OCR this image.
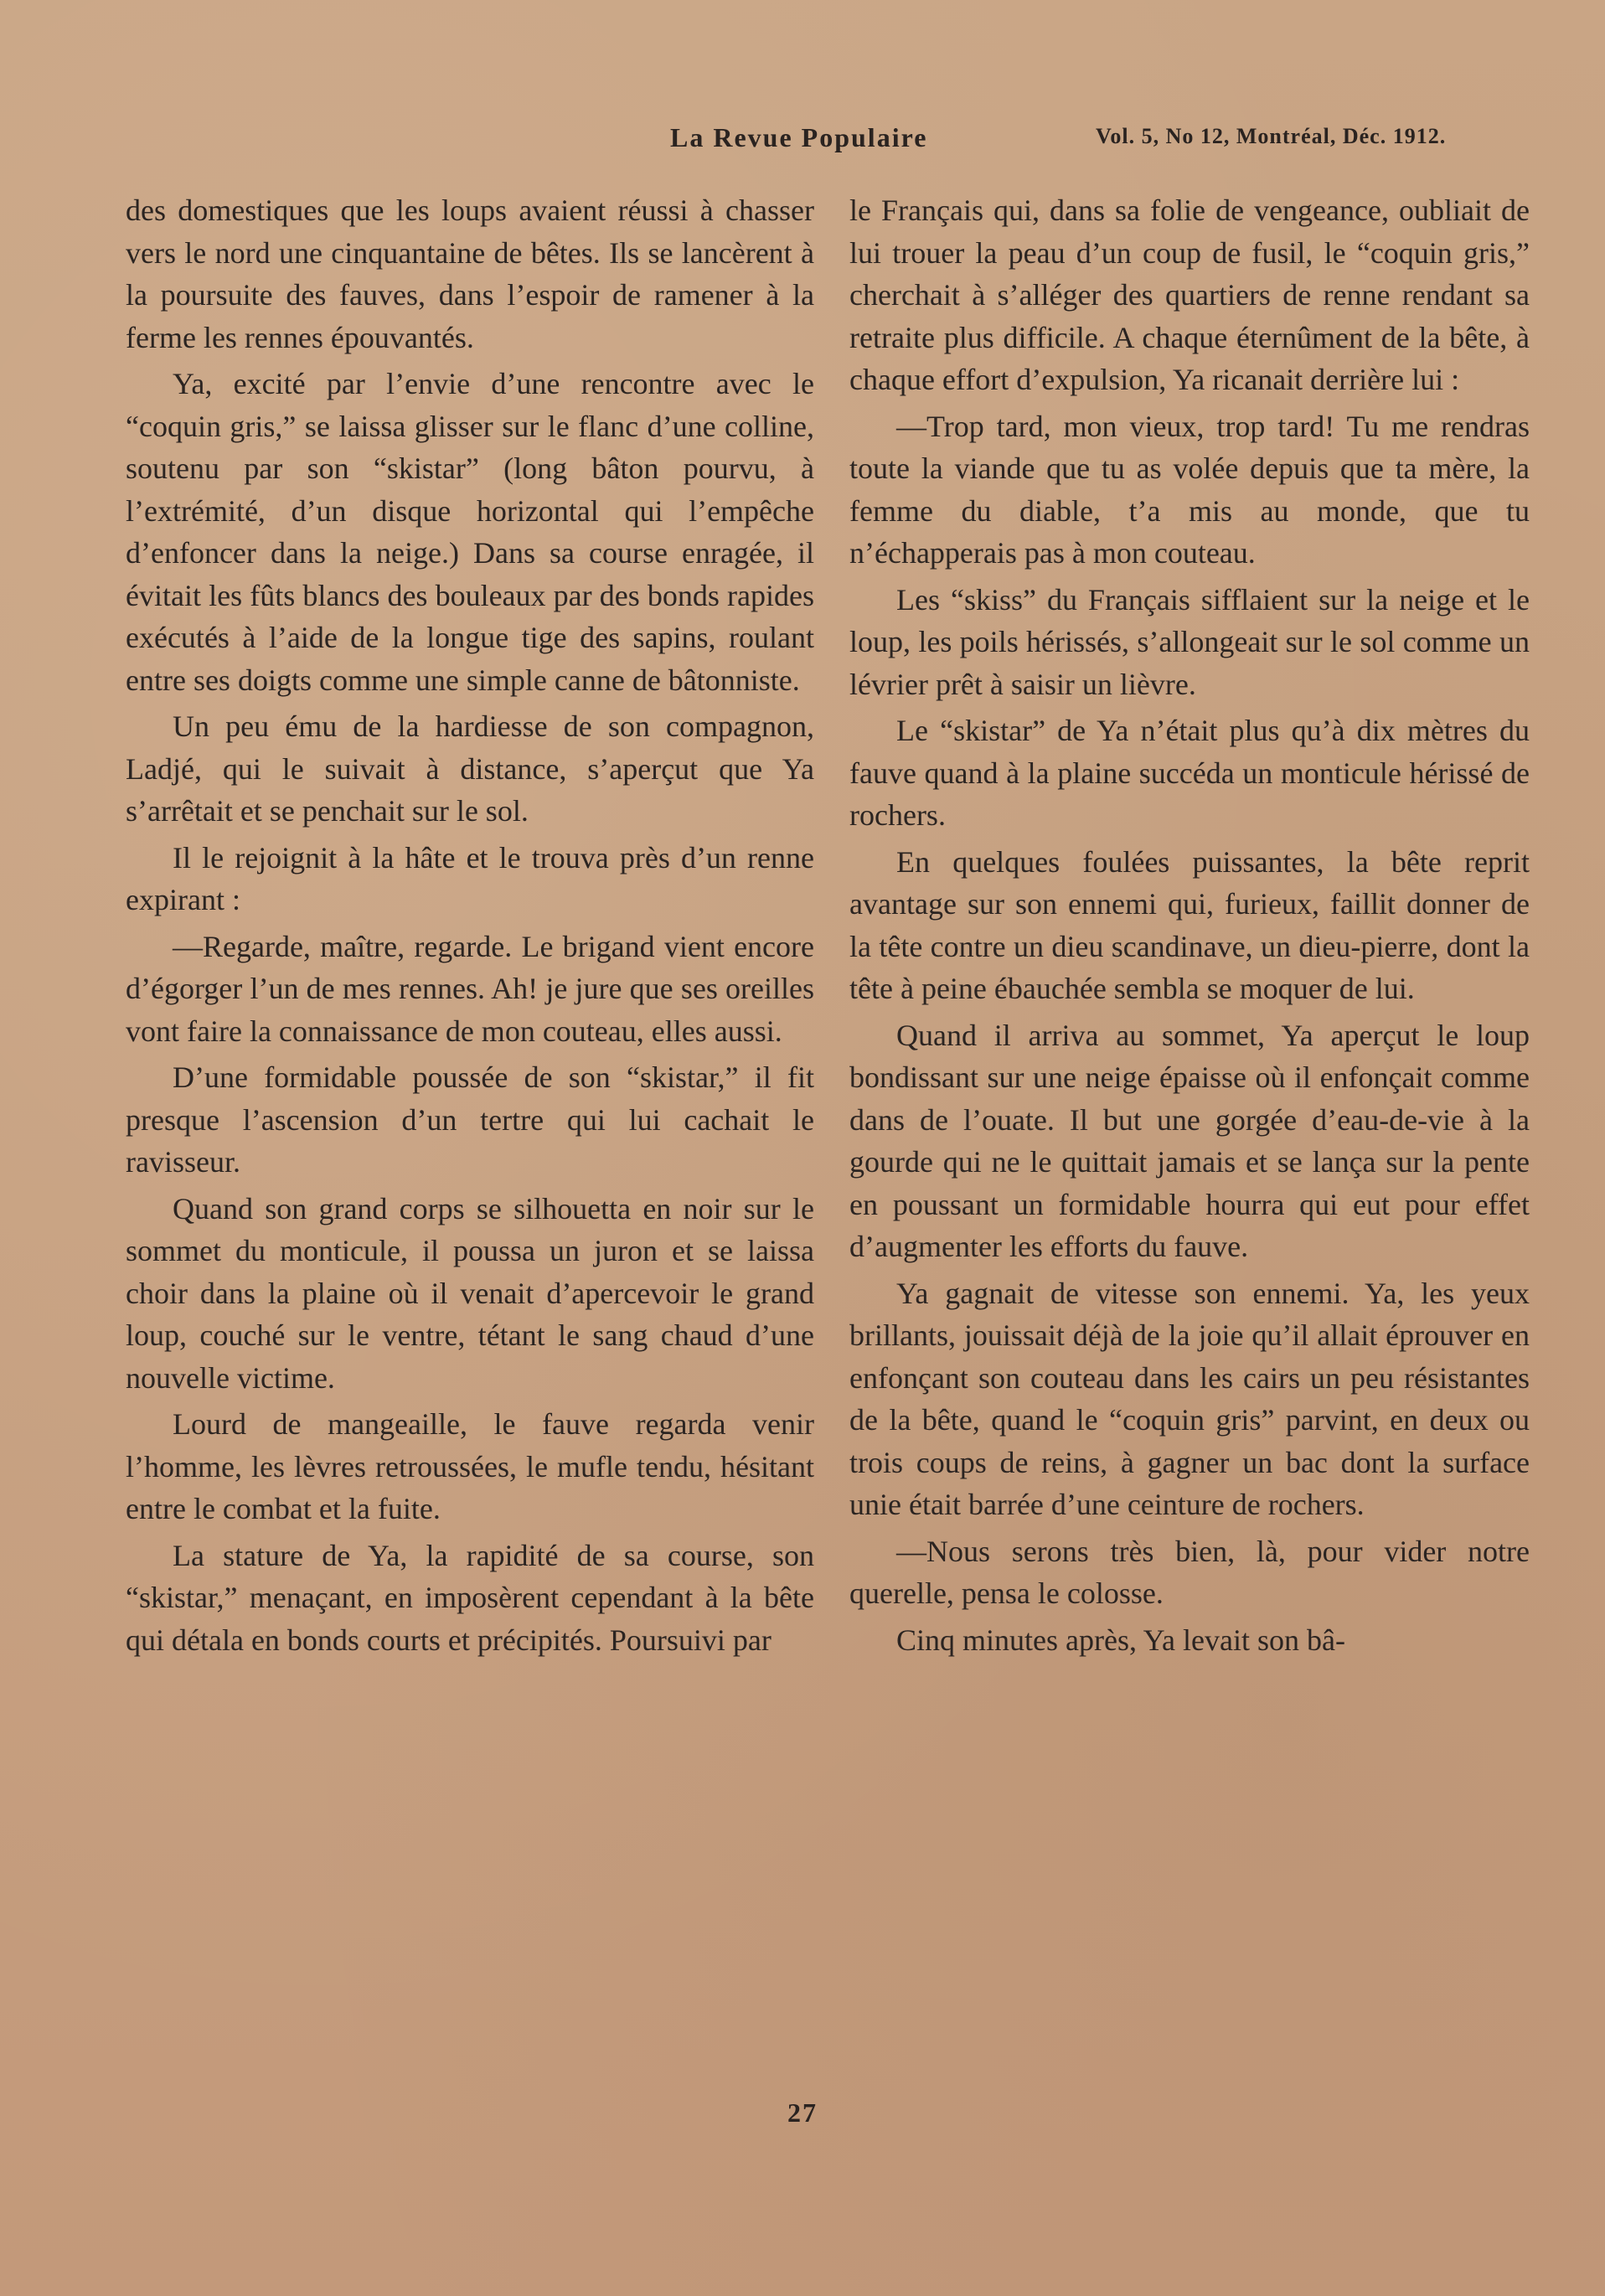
La Revue Populaire	Vol. 5, No 12, Montréal, Déc. 1912.

des domestiques que les loups avaient réussi à chasser vers le nord une cinquantaine de bêtes. Ils se lancèrent à la poursuite des fauves, dans l’espoir de ramener à la ferme les rennes épouvantés.

Ya, excité par l’envie d’une rencontre avec le “coquin gris,” se laissa glisser sur le flanc d’une colline, soutenu par son “skistar” (long bâton pourvu, à l’extrémité, d’un disque horizontal qui l’empêche d’enfoncer dans la neige.) Dans sa course enragée, il évitait les fûts blancs des bouleaux par des bonds rapides exécutés à l’aide de la longue tige des sapins, roulant entre ses doigts comme une simple canne de bâtonniste.

Un peu ému de la hardiesse de son compagnon, Ladjé, qui le suivait à distance, s’aperçut que Ya s’arrêtait et se penchait sur le sol.

Il le rejoignit à la hâte et le trouva près d’un renne expirant :

—Regarde, maître, regarde. Le brigand vient encore d’égorger l’un de mes rennes. Ah! je jure que ses oreilles vont faire la connaissance de mon couteau, elles aussi.

D’une formidable poussée de son “skistar,” il fit presque l’ascension d’un tertre qui lui cachait le ravisseur.

Quand son grand corps se silhouetta en noir sur le sommet du monticule, il poussa un juron et se laissa choir dans la plaine où il venait d’apercevoir le grand loup, couché sur le ventre, tétant le sang chaud d’une nouvelle victime.

Lourd de mangeaille, le fauve regarda venir l’homme, les lèvres retroussées, le mufle tendu, hésitant entre le combat et la fuite.

La stature de Ya, la rapidité de sa course, son “skistar,” menaçant, en imposèrent cependant à la bête qui détala en bonds courts et précipités. Poursuivi par

le Français qui, dans sa folie de vengeance, oubliait de lui trouer la peau d’un coup de fusil, le “coquin gris,” cherchait à s’alléger des quartiers de renne rendant sa retraite plus difficile. A chaque éternûment de la bête, à chaque effort d’expulsion, Ya ricanait derrière lui :

—Trop tard, mon vieux, trop tard! Tu me rendras toute la viande que tu as volée depuis que ta mère, la femme du diable, t’a mis au monde, que tu n’échapperais pas à mon couteau.

Les “skiss” du Français sifflaient sur la neige et le loup, les poils hérissés, s’allongeait sur le sol comme un lévrier prêt à saisir un lièvre.

Le “skistar” de Ya n’était plus qu’à dix mètres du fauve quand à la plaine succéda un monticule hérissé de rochers.

En quelques foulées puissantes, la bête reprit avantage sur son ennemi qui, furieux, faillit donner de la tête contre un dieu scandinave, un dieu-pierre, dont la tête à peine ébauchée sembla se moquer de lui.

Quand il arriva au sommet, Ya aperçut le loup bondissant sur une neige épaisse où il enfonçait comme dans de l’ouate. Il but une gorgée d’eau-de-vie à la gourde qui ne le quittait jamais et se lança sur la pente en poussant un formidable hourra qui eut pour effet d’augmenter les efforts du fauve.

Ya gagnait de vitesse son ennemi. Ya, les yeux brillants, jouissait déjà de la joie qu’il allait éprouver en enfonçant son couteau dans les cairs un peu résistantes de la bête, quand le “coquin gris” parvint, en deux ou trois coups de reins, à gagner un bac dont la surface unie était barrée d’une ceinture de rochers.

—Nous serons très bien, là, pour vider notre querelle, pensa le colosse.

Cinq minutes après, Ya levait son bâ-

27
